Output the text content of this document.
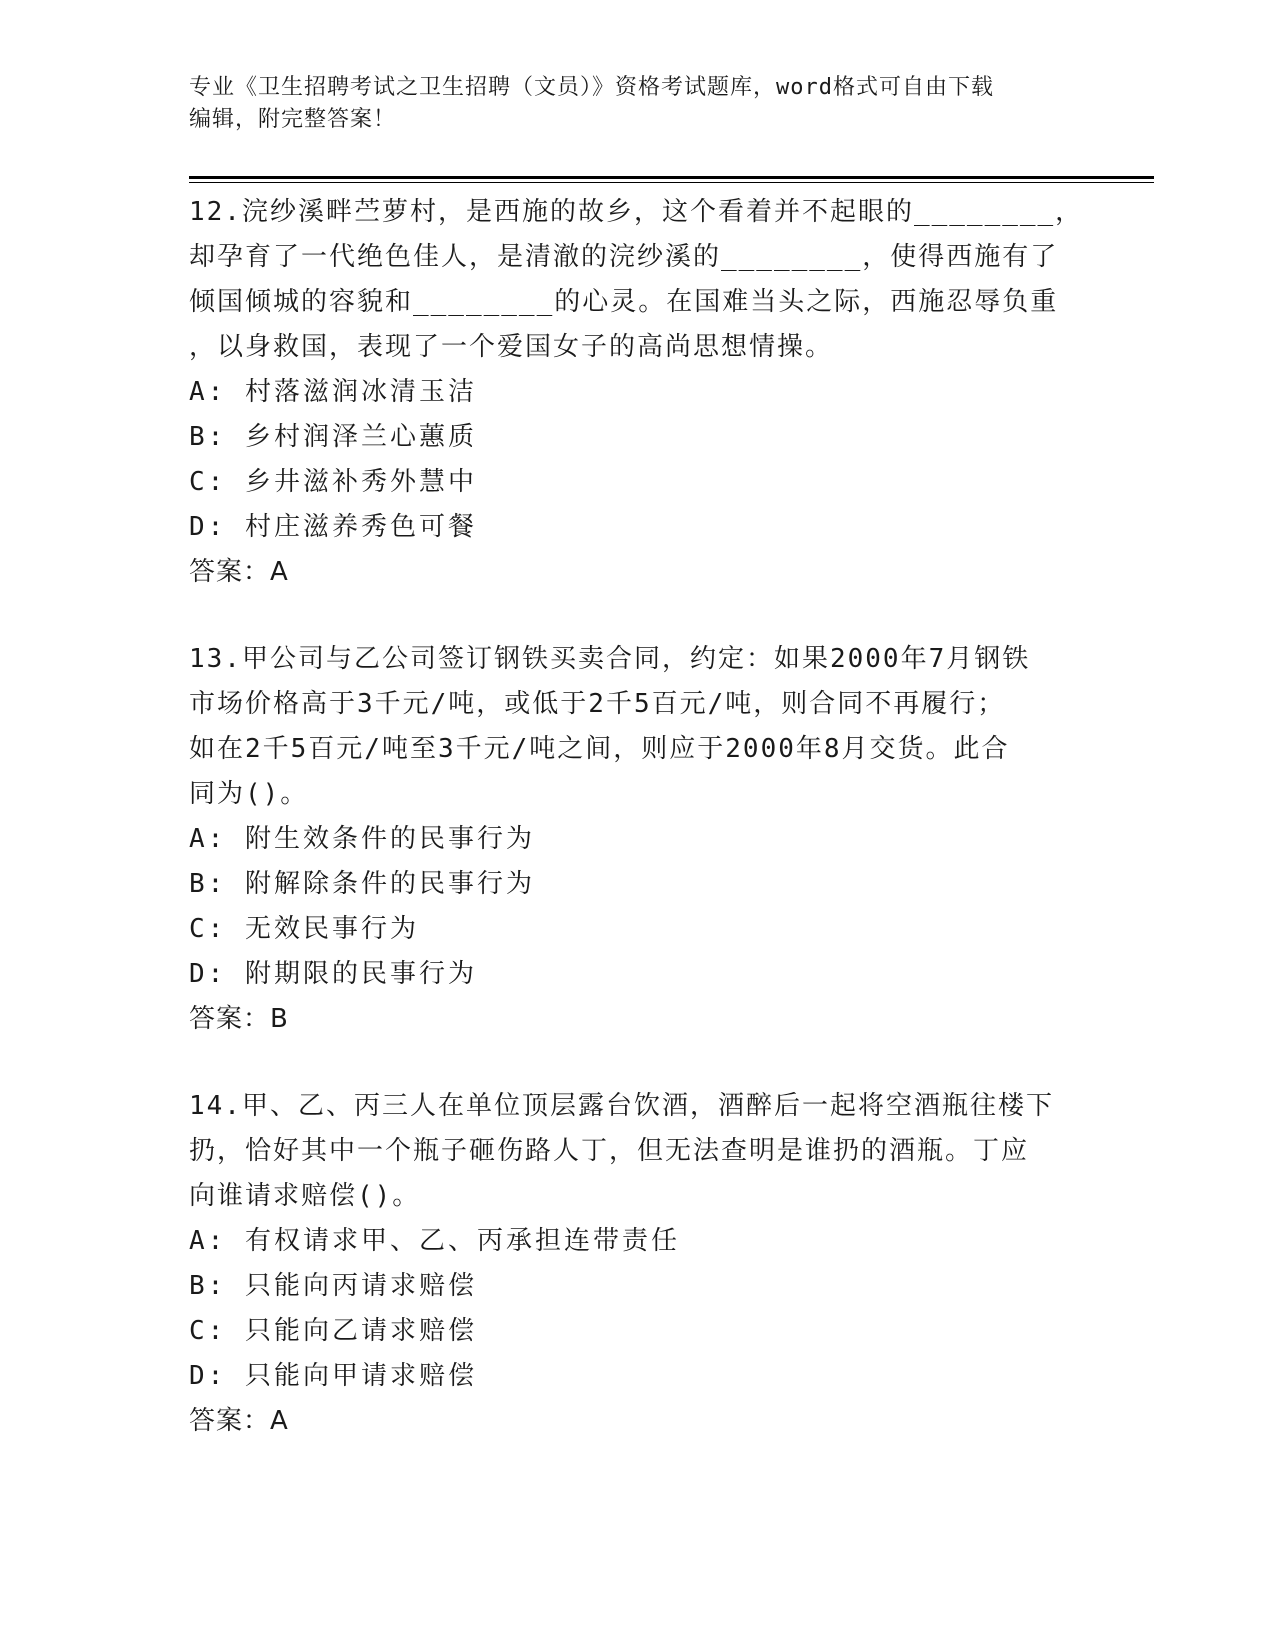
专业《卫生招聘考试之卫生招聘（文员）》资格考试题库，word格式可自由下载
编辑，附完整答案！
12.浣纱溪畔苎萝村，是西施的故乡，这个看着并不起眼的________，
却孕育了一代绝色佳人，是清澈的浣纱溪的________，使得西施有了
倾国倾城的容貌和________的心灵。在国难当头之际，西施忍辱负重
，以身救国，表现了一个爱国女子的高尚思想情操。
A: 村落滋润冰清玉洁
B: 乡村润泽兰心蕙质
C: 乡井滋补秀外慧中
D: 村庄滋养秀色可餐
答案：A
13.甲公司与乙公司签订钢铁买卖合同，约定：如果2000年7月钢铁
市场价格高于3千元/吨，或低于2千5百元/吨，则合同不再履行；
如在2千5百元/吨至3千元/吨之间，则应于2000年8月交货。此合
同为()。
A: 附生效条件的民事行为
B: 附解除条件的民事行为
C: 无效民事行为
D: 附期限的民事行为
答案：B
14.甲、乙、丙三人在单位顶层露台饮酒，酒醉后一起将空酒瓶往楼下
扔，恰好其中一个瓶子砸伤路人丁，但无法查明是谁扔的酒瓶。丁应
向谁请求赔偿()。
A: 有权请求甲、乙、丙承担连带责任
B: 只能向丙请求赔偿
C: 只能向乙请求赔偿
D: 只能向甲请求赔偿
答案：A
